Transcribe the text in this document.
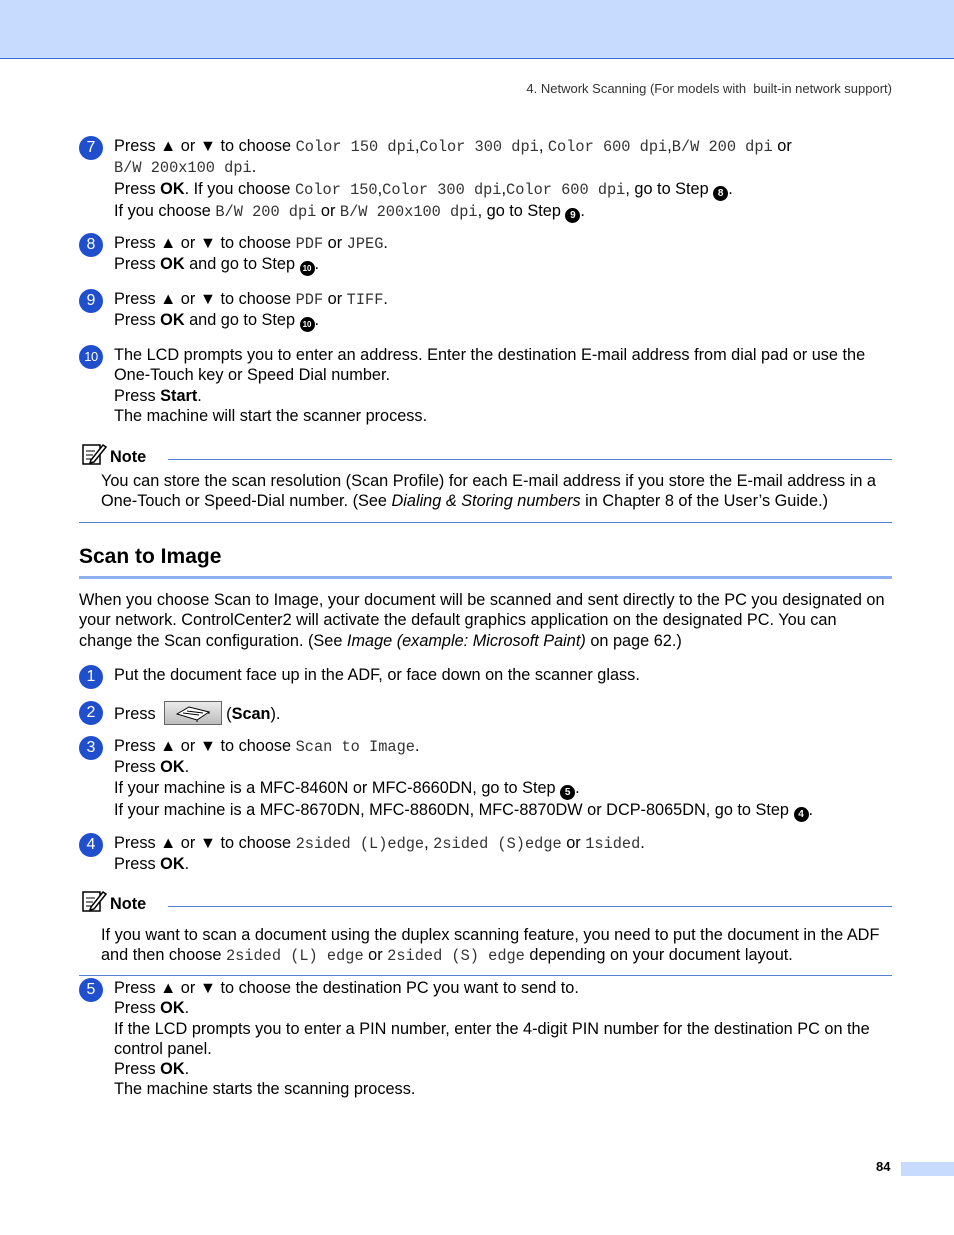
4. Network Scanning (For models with  built-in network support)
7	Press ▲ or ▼ to choose Color 150 dpi,Color 300 dpi, Color 600 dpi,B/W 200 dpi or
B/W 200x100 dpi.
Press OK. If you choose Color 150,Color 300 dpi,Color 600 dpi, go to Step 8 .
If you choose B/W 200 dpi or B/W 200x100 dpi, go to Step 9 .
8	Press ▲ or ▼ to choose PDF or JPEG.
Press OK and go to Step 10 .
9	Press ▲ or ▼ to choose PDF or TIFF.
Press OK and go to Step 10 .
10 The LCD prompts you to enter an address. Enter the destination E-mail address from dial pad or use the One-Touch key or Speed Dial number.
Press Start.
The machine will start the scanner process.
Note
You can store the scan resolution (Scan Profile) for each E-mail address if you store the E-mail address in a One-Touch or Speed-Dial number. (See Dialing & Storing numbers in Chapter 8 of the User’s Guide.)
Scan to Image
When you choose Scan to Image, your document will be scanned and sent directly to the PC you designated on your network. ControlCenter2 will activate the default graphics application on the designated PC. You can change the Scan configuration. (See Image (example: Microsoft Paint) on page 62.)
1	Put the document face up in the ADF, or face down on the scanner glass.
2	Press	(Scan).
3	Press ▲ or ▼ to choose Scan to Image.
Press OK.
If your machine is a MFC-8460N or MFC-8660DN, go to Step 5 .
If your machine is a MFC-8670DN, MFC-8860DN, MFC-8870DW or DCP-8065DN, go to Step 4 .
4	Press ▲ or ▼ to choose 2sided (L)edge, 2sided (S)edge or 1sided.
Press OK.
Note
If you want to scan a document using the duplex scanning feature, you need to put the document in the ADF and then choose 2sided (L) edge or 2sided (S) edge depending on your document layout.
5	Press ▲ or ▼ to choose the destination PC you want to send to.
Press OK.
If the LCD prompts you to enter a PIN number, enter the 4-digit PIN number for the destination PC on the control panel.
Press OK.
The machine starts the scanning process.
84
